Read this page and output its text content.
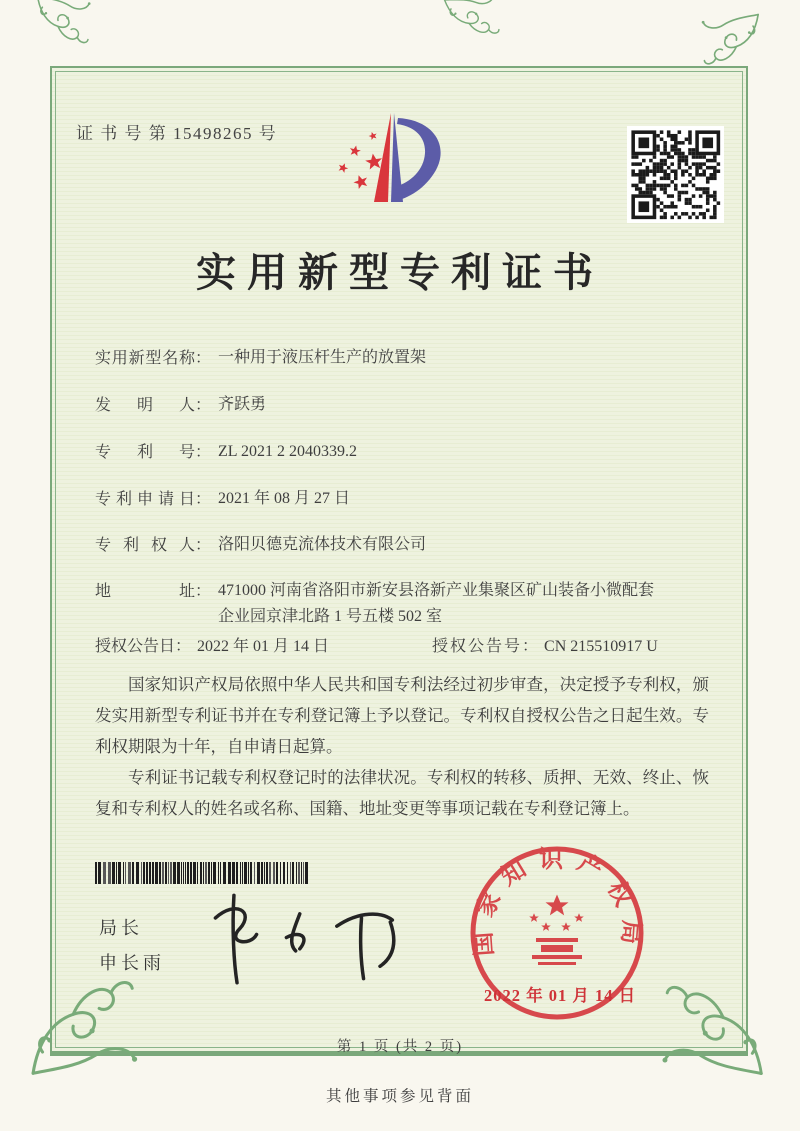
证 书 号 第 15498265 号
实用新型专利证书
实用新型名称： 一种用于液压杆生产的放置架
发明人： 齐跃勇
专利号： ZL 2021 2 2040339.2
专利申请日： 2021 年 08 月 27 日
专利权人： 洛阳贝德克流体技术有限公司
地址： 471000 河南省洛阳市新安县洛新产业集聚区矿山装备小微配套企业园京津北路 1 号五楼 502 室
授权公告日： 2022 年 01 月 14 日	授权公告号： CN 215510917 U

国家知识产权局依照中华人民共和国专利法经过初步审查，决定授予专利权，颁发实用新型专利证书并在专利登记簿上予以登记。专利权自授权公告之日起生效。专利权期限为十年，自申请日起算。

专利证书记载专利权登记时的法律状况。专利权的转移、质押、无效、终止、恢复和专利权人的姓名或名称、国籍、地址变更等事项记载在专利登记簿上。

局长
申长雨
国家知识产权局
2022 年 01 月 14 日
第 1 页 (共 2 页)
其他事项参见背面
